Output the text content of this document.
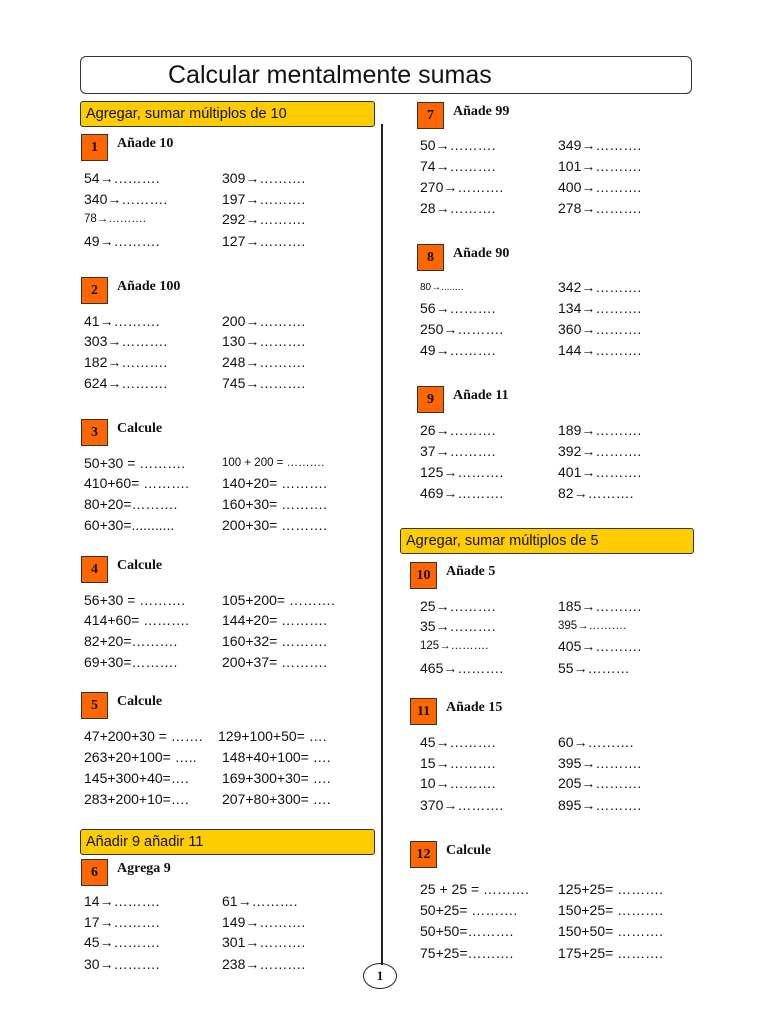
Calcular mentalmente sumas
Agregar, sumar múltiplos de 10
Añadir 9 añadir 11
Agregar, sumar múltiplos de 5
1	Añade 10
54→……….	309→……….
340→……….	197→……….
78→……….	292→……….
49→……….	127→……….
2	Añade 100
41→……….	200→……….
303→……….	130→……….
182→……….	248→……….
624→……….	745→……….
3	Calcule
50+30 = ……….	100 + 200 = ……….
410+60= ………. 140+20= ……….
80+20=……….	160+30= ……….
60+30=...........	200+30= ……….
4	Calcule
56+30 = ……….	105+200= ……….
414+60= ………. 144+20= ……….
82+20=……….	160+32= ……….
69+30=……….	200+37= ……….
5	Calcule
47+200+30 = ……. 129+100+50= ….
263+20+100= ….. 148+40+100= ….
145+300+40=…. 169+300+30= ….
283+200+10=…. 207+80+300= ….
6	Agrega 9
14→……….	61→……….
17→……….	149→……….
45→……….	301→……….
30→……….	238→……….
7	Añade 99
50→……….	349→……….
74→……….	101→……….
270→……….	400→……….
28→……….	278→……….
8	Añade 90
80→........	342→……….
56→……….	134→……….
250→……….	360→……….
49→……….	144→……….
9	Añade 11
26→……….	189→……….
37→……….	392→……….
125→……….	401→……….
469→……….	82→……….
10	Añade 5
25→……….	185→……….
35→……….	395→……….
125→……….	405→……….
465→……….	55→………
11	Añade 15
45→……….	60→……….
15→……….	395→……….
10→……….	205→……….
370→……….	895→……….
12	Calcule
25 + 25 = ………. 125+25= ……….
50+25= ……….	150+25= ……….
50+50=……….	150+50= ……….
75+25=……….	175+25= ……….
1
